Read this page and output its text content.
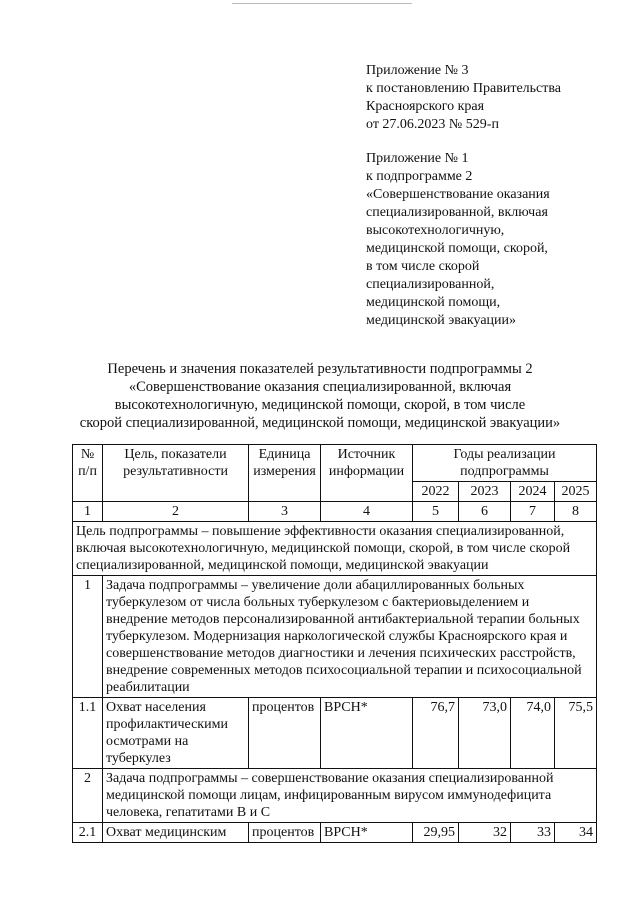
Приложение № 3
к постановлению Правительства
Красноярского края
от 27.06.2023 № 529-п
Приложение № 1
к подпрограмме 2
«Совершенствование оказания
специализированной, включая
высокотехнологичную,
медицинской помощи, скорой,
в том числе скорой
специализированной,
медицинской помощи,
медицинской эвакуации»
Перечень и значения показателей результативности подпрограммы 2
«Совершенствование оказания специализированной, включая
высокотехнологичную, медицинской помощи, скорой, в том числе
скорой специализированной, медицинской помощи, медицинской эвакуации»
№ п/п	Цель, показатели результативности	Единица измерения	Источник информации	Годы реализации подпрограммы			
				2022	2023	2024	2025
1	2	3	4	5	6	7	8
Цель подпрограммы – повышение эффективности оказания специализированной, включая высокотехнологичную, медицинской помощи, скорой, в том числе скорой специализированной, медицинской помощи, медицинской эвакуации							
1	Задача подпрограммы – увеличение доли абациллированных больных туберкулезом от числа больных туберкулезом с бактериовыделением и внедрение методов персонализированной антибактериальной терапии больных туберкулезом. Модернизация наркологической службы Красноярского края и совершенствование методов диагностики и лечения психических расстройств, внедрение современных методов психосоциальной терапии и психосоциальной реабилитации						
1.1	Охват населения профилактическими осмотрами на туберкулез	процентов	ВРСН*	76,7	73,0	74,0	75,5
2	Задача подпрограммы – совершенствование оказания специализированной медицинской помощи лицам, инфицированным вирусом иммунодефицита человека, гепатитами В и С						
2.1	Охват медицинским	процентов	ВРСН*	29,95	32	33	34
